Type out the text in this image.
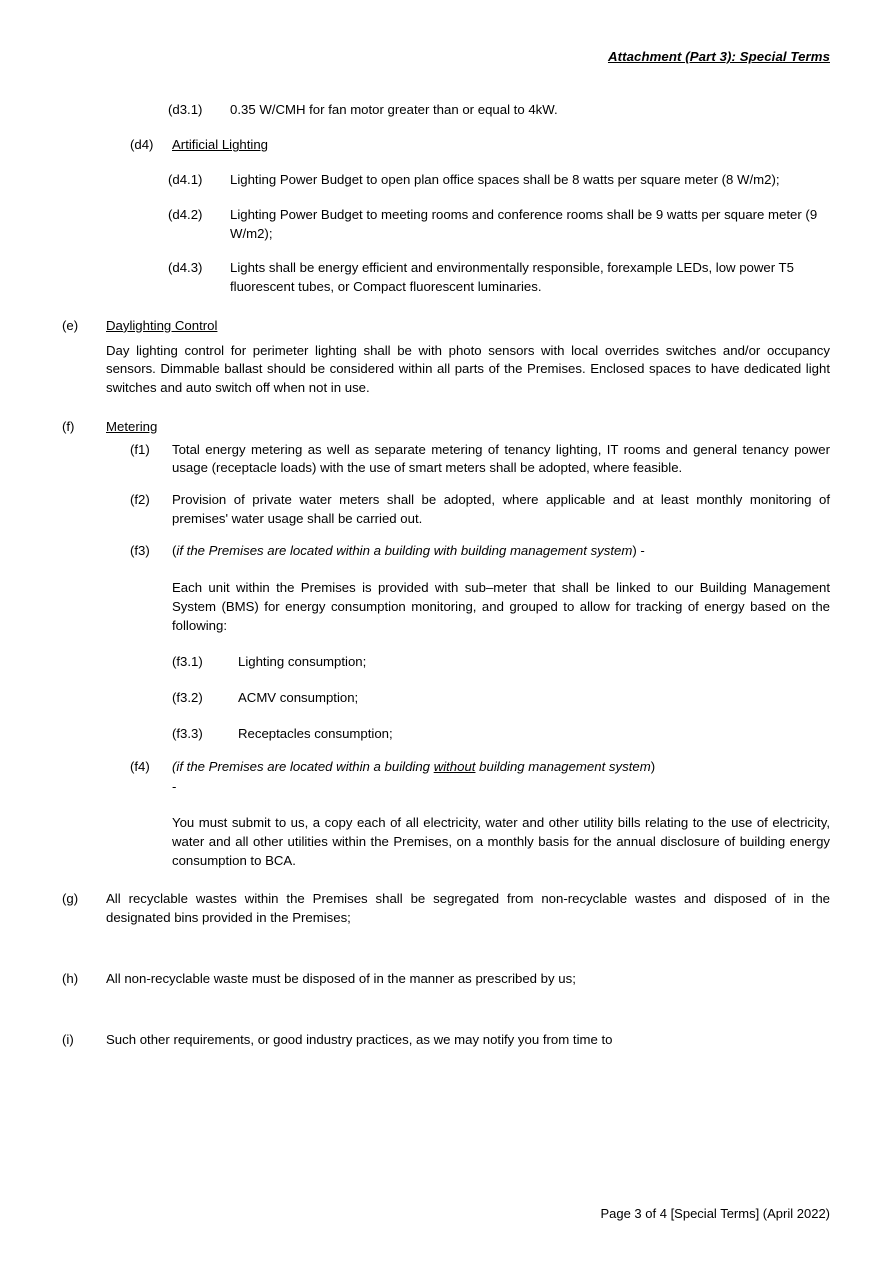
Attachment (Part 3): Special Terms
(d3.1)	0.35 W/CMH for fan motor greater than or equal to 4kW.
(d4)	Artificial Lighting
(d4.1)	Lighting Power Budget to open plan office spaces shall be 8 watts per square meter (8 W/m2);
(d4.2)	Lighting Power Budget to meeting rooms and conference rooms shall be 9 watts per square meter (9 W/m2);
(d4.3)	Lights shall be energy efficient and environmentally responsible, forexample LEDs, low power T5 fluorescent tubes, or Compact fluorescent luminaries.
(e)	Daylighting Control

Day lighting control for perimeter lighting shall be with photo sensors with local overrides switches and/or occupancy sensors. Dimmable ballast should be considered within all parts of the Premises. Enclosed spaces to have dedicated light switches and auto switch off when not in use.

(f)	Metering
(f1)	Total energy metering as well as separate metering of tenancy lighting, IT rooms and general tenancy power usage (receptacle loads) with the use of smart meters shall be adopted, where feasible.
(f2)	Provision of private water meters shall be adopted, where applicable and at least monthly monitoring of premises' water usage shall be carried out.
(f3)	(if the Premises are located within a building with building management system) -

Each unit within the Premises is provided with sub–meter that shall be linked to our Building Management System (BMS) for energy consumption monitoring, and grouped to allow for tracking of energy based on the following:

(f3.1)	Lighting consumption;
(f3.2)	ACMV consumption;
(f3.3)	Receptacles consumption;
(f4)	(if the Premises are located within a building without building management system)

-

You must submit to us, a copy each of all electricity, water and other utility bills relating to the use of electricity, water and all other utilities within the Premises, on a monthly basis for the annual disclosure of building energy consumption to BCA.

(g)	All recyclable wastes within the Premises shall be segregated from non-recyclable wastes and disposed of in the designated bins provided in the Premises;
(h)	All non-recyclable waste must be disposed of in the manner as prescribed by us;
(i)	Such other requirements, or good industry practices, as we may notify you from time to
Page 3 of 4 [Special Terms] (April 2022)
